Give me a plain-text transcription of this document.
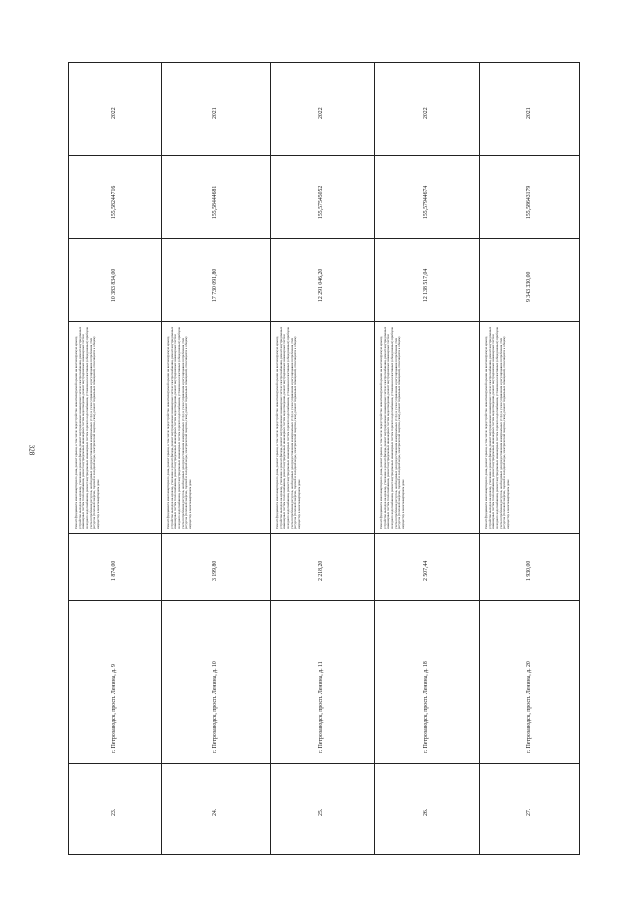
328
2022
155,58244716
10 383 834,00
Ремонт фундамента многоквартирного дома, ремонт крыши, в том числе переустройство невентилируемой крыши на вентилируемую крышу, устройство выходов на кровлю, утепление и ремонт фасада, ремонт внутридомовых инженерных систем электроснабжения, ремонт внутридомовых инженерных систем теплоснабжения, ремонт внутридомовых инженерных систем водоотведения, ремонт внутридомовых инженерных систем холодного водоснабжения, ремонт внутридомовых инженерных систем горячего водоснабжения, установка коллективных (общедомовых) приборов учета потребления ресурсов, необходимых для предоставления коммунальных услуг, и узлов управления и регулирования потребления этих ресурсов (тепловой энергии, горячей и холодной воды, электрической энергии, газа), ремонт подвальных помещений, относящихся к общему имуществу в многоквартирном доме
1 874,00
г. Петрозаводск, просп. Ленина, д. 9
23.
2021
155,58444681
17 730 091,80
Ремонт фундамента многоквартирного дома, ремонт крыши, в том числе переустройство невентилируемой крыши на вентилируемую крышу, устройство выходов на кровлю, утепление и ремонт фасада, ремонт внутридомовых инженерных систем электроснабжения, ремонт внутридомовых инженерных систем теплоснабжения, ремонт внутридомовых инженерных систем водоотведения, ремонт внутридомовых инженерных систем холодного водоснабжения, ремонт внутридомовых инженерных систем горячего водоснабжения, установка коллективных (общедомовых) приборов учета потребления ресурсов, необходимых для предоставления коммунальных услуг, и узлов управления и регулирования потребления этих ресурсов (тепловой энергии, горячей и холодной воды, электрической энергии, газа), ремонт подвальных помещений, относящихся к общему имуществу в многоквартирном доме
3 199,80
г. Петрозаводск, просп. Ленина, д. 10
24.
2022
155,57545052
12 291 046,20
Ремонт фундамента многоквартирного дома, ремонт крыши, в том числе переустройство невентилируемой крыши на вентилируемую крышу, устройство выходов на кровлю, утепление и ремонт фасада, ремонт внутридомовых инженерных систем электроснабжения, ремонт внутридомовых инженерных систем теплоснабжения, ремонт внутридомовых инженерных систем водоотведения, ремонт внутридомовых инженерных систем холодного водоснабжения, ремонт внутридомовых инженерных систем горячего водоснабжения, установка коллективных (общедомовых) приборов учета потребления ресурсов, необходимых для предоставления коммунальных услуг, и узлов управления и регулирования потребления этих ресурсов (тепловой энергии, горячей и холодной воды, электрической энергии, газа), ремонт подвальных помещений, относящихся к общему имуществу в многоквартирном доме
2 218,20
г. Петрозаводск, просп. Ленина, д. 11
25.
2022
155,57944674
12 138 517,04
Ремонт фундамента многоквартирного дома, ремонт крыши, в том числе переустройство невентилируемой крыши на вентилируемую крышу, устройство выходов на кровлю, утепление и ремонт фасада, ремонт внутридомовых инженерных систем электроснабжения, ремонт внутридомовых инженерных систем теплоснабжения, ремонт внутридомовых инженерных систем водоотведения, ремонт внутридомовых инженерных систем холодного водоснабжения, ремонт внутридомовых инженерных систем горячего водоснабжения, установка коллективных (общедомовых) приборов учета потребления ресурсов, необходимых для предоставления коммунальных услуг, и узлов управления и регулирования потребления этих ресурсов (тепловой энергии, горячей и холодной воды, электрической энергии, газа), ремонт подвальных помещений, относящихся к общему имуществу в многоквартирном доме
2 507,44
г. Петрозаводск, просп. Ленина, д. 18
26.
2021
155,58643179
9 343 330,00
Ремонт фундамента многоквартирного дома, ремонт крыши, в том числе переустройство невентилируемой крыши на вентилируемую крышу, устройство выходов на кровлю, утепление и ремонт фасада, ремонт внутридомовых инженерных систем электроснабжения, ремонт внутридомовых инженерных систем теплоснабжения, ремонт внутридомовых инженерных систем водоотведения, ремонт внутридомовых инженерных систем холодного водоснабжения, ремонт внутридомовых инженерных систем горячего водоснабжения, установка коллективных (общедомовых) приборов учета потребления ресурсов, необходимых для предоставления коммунальных услуг, и узлов управления и регулирования потребления этих ресурсов (тепловой энергии, горячей и холодной воды, электрической энергии, газа), ремонт подвальных помещений, относящихся к общему имуществу в многоквартирном доме
1 930,00
г. Петрозаводск, просп. Ленина, д. 20
27.
